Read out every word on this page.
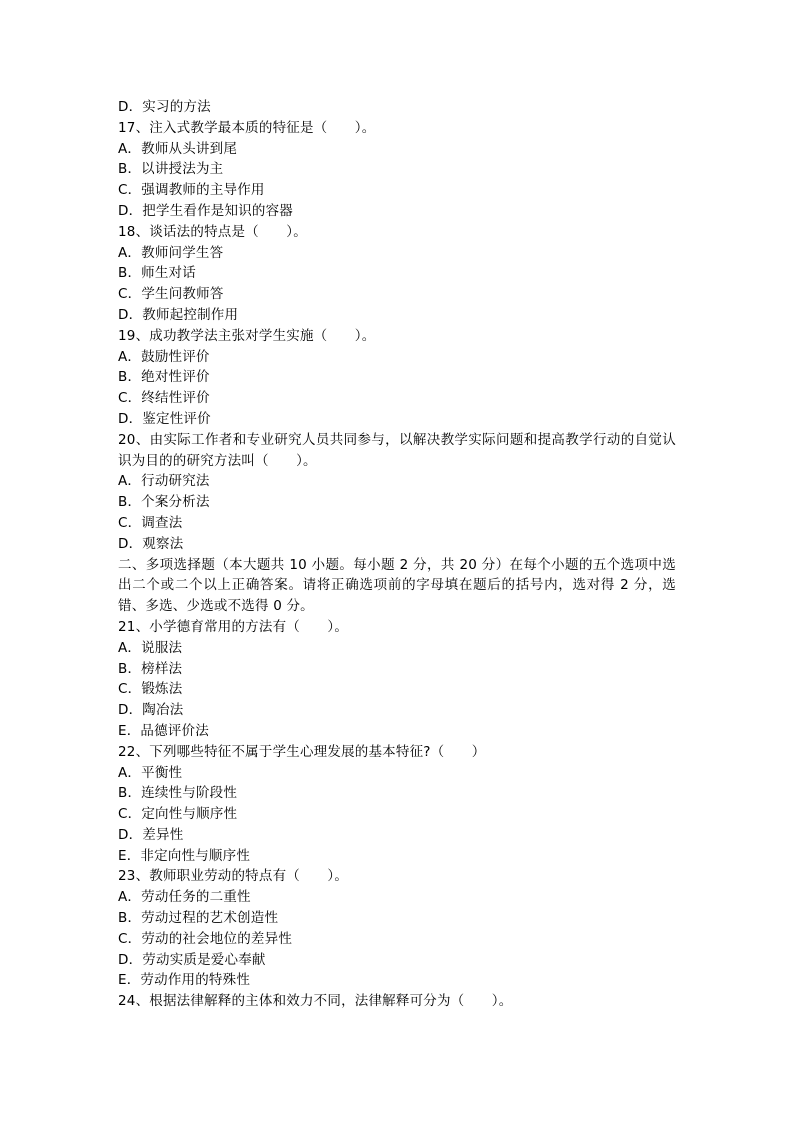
D．实习的方法
17、注入式教学最本质的特征是（　　）。
A．教师从头讲到尾
B．以讲授法为主
C．强调教师的主导作用
D．把学生看作是知识的容器
18、谈话法的特点是（　　）。
A．教师问学生答
B．师生对话
C．学生问教师答
D．教师起控制作用
19、成功教学法主张对学生实施（　　）。
A．鼓励性评价
B．绝对性评价
C．终结性评价
D．鉴定性评价
20、由实际工作者和专业研究人员共同参与，以解决教学实际问题和提高教学行动的自觉认识为目的的研究方法叫（　　）。
A．行动研究法
B．个案分析法
C．调查法
D．观察法
二、多项选择题（本大题共 10 小题。每小题 2 分，共 20 分）在每个小题的五个选项中选出二个或二个以上正确答案。请将正确选项前的字母填在题后的括号内，选对得 2 分，选错、多选、少选或不选得 0 分。
21、小学德育常用的方法有（　　）。
A．说服法
B．榜样法
C．锻炼法
D．陶冶法
E．品德评价法
22、下列哪些特征不属于学生心理发展的基本特征?（　　）
A．平衡性
B．连续性与阶段性
C．定向性与顺序性
D．差异性
E．非定向性与顺序性
23、教师职业劳动的特点有（　　）。
A．劳动任务的二重性
B．劳动过程的艺术创造性
C．劳动的社会地位的差异性
D．劳动实质是爱心奉献
E．劳动作用的特殊性
24、根据法律解释的主体和效力不同，法律解释可分为（　　）。
